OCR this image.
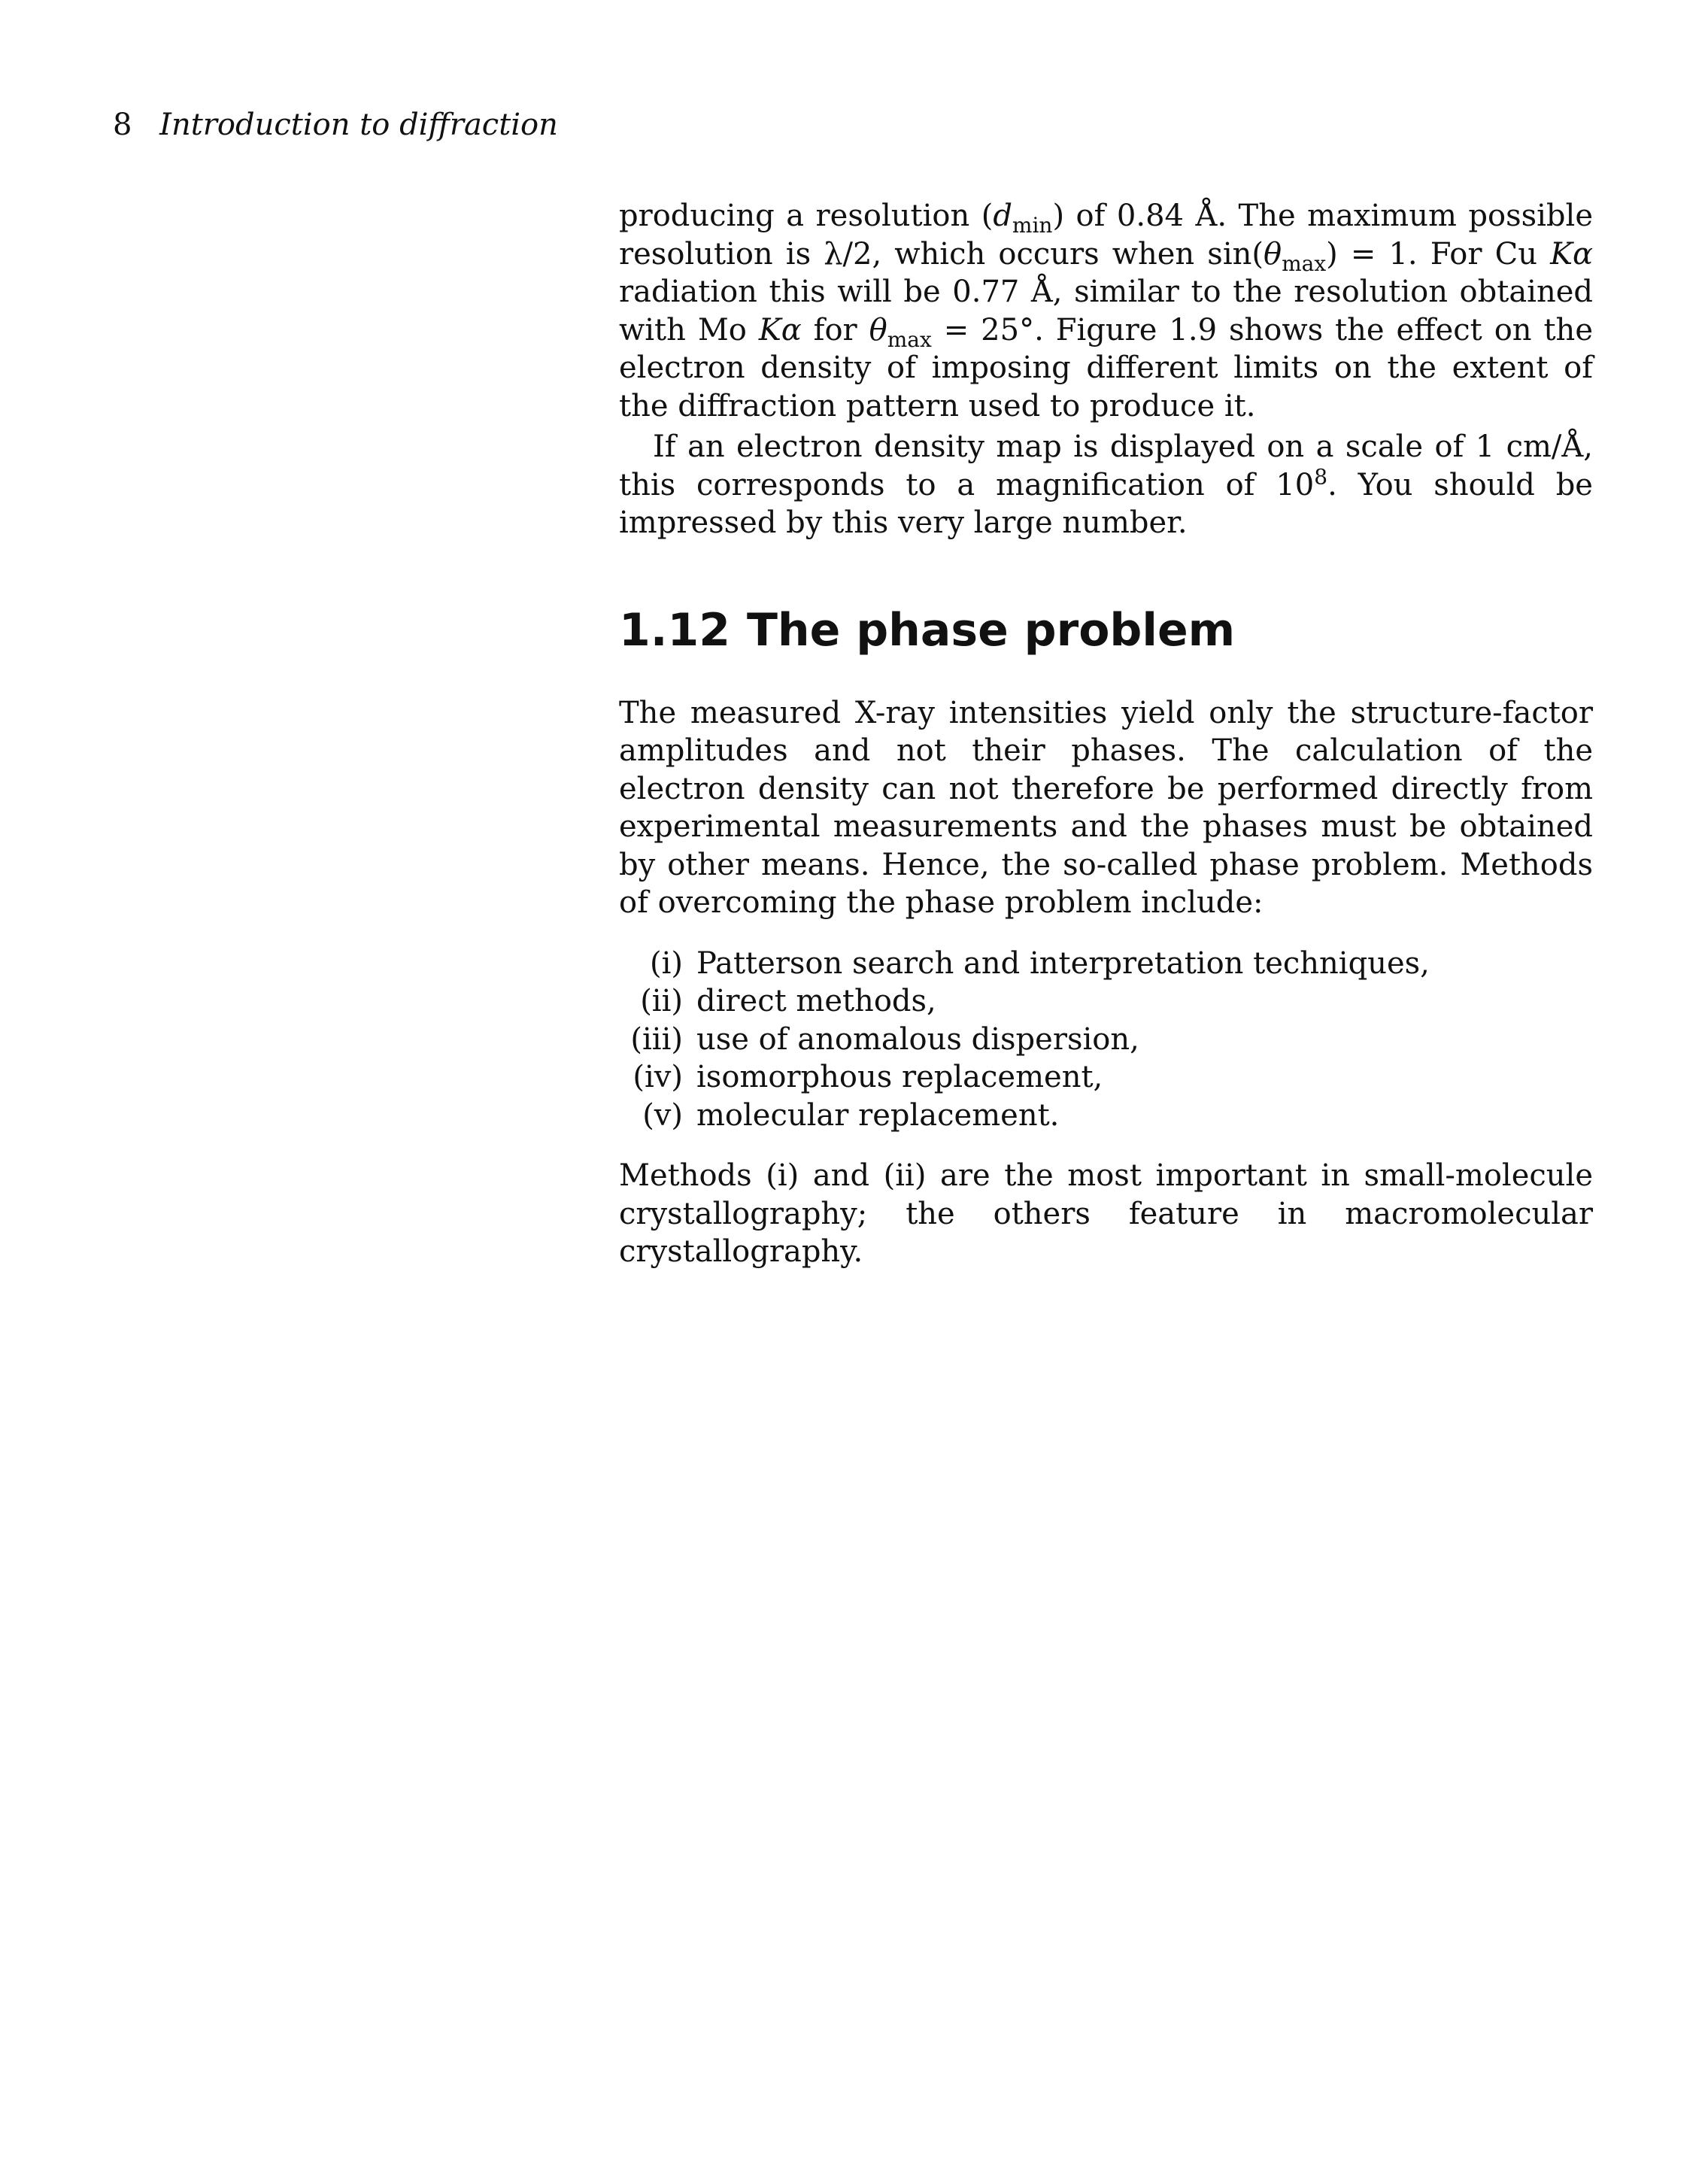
8 Introduction to diffraction

producing a resolution $(d_{min})$ of 0.84 Å. The maximum possible resolution is λ/2, which occurs when $\sin(\theta_{max}) = 1$. For Cu Kα radiation this will be 0.77 Å, similar to the resolution obtained with Mo Kα for $\theta_{max} = 25^\circ$. Figure 1.9 shows the effect on the electron density of imposing different limits on the extent of the diffraction pattern used to produce it.

If an electron density map is displayed on a scale of 1 cm/Å, this corresponds to a magnification of $10^8$. You should be impressed by this very large number.

1.12 The phase problem

The measured X-ray intensities yield only the structure-factor amplitudes and not their phases. The calculation of the electron density can not therefore be performed directly from experimental measurements and the phases must be obtained by other means. Hence, the so-called phase problem. Methods of overcoming the phase problem include:

(i) Patterson search and interpretation techniques,
(ii) direct methods,
(iii) use of anomalous dispersion,
(iv) isomorphous replacement,
(v) molecular replacement.

Methods (i) and (ii) are the most important in small-molecule crystallography; the others feature in macromolecular crystallography.
